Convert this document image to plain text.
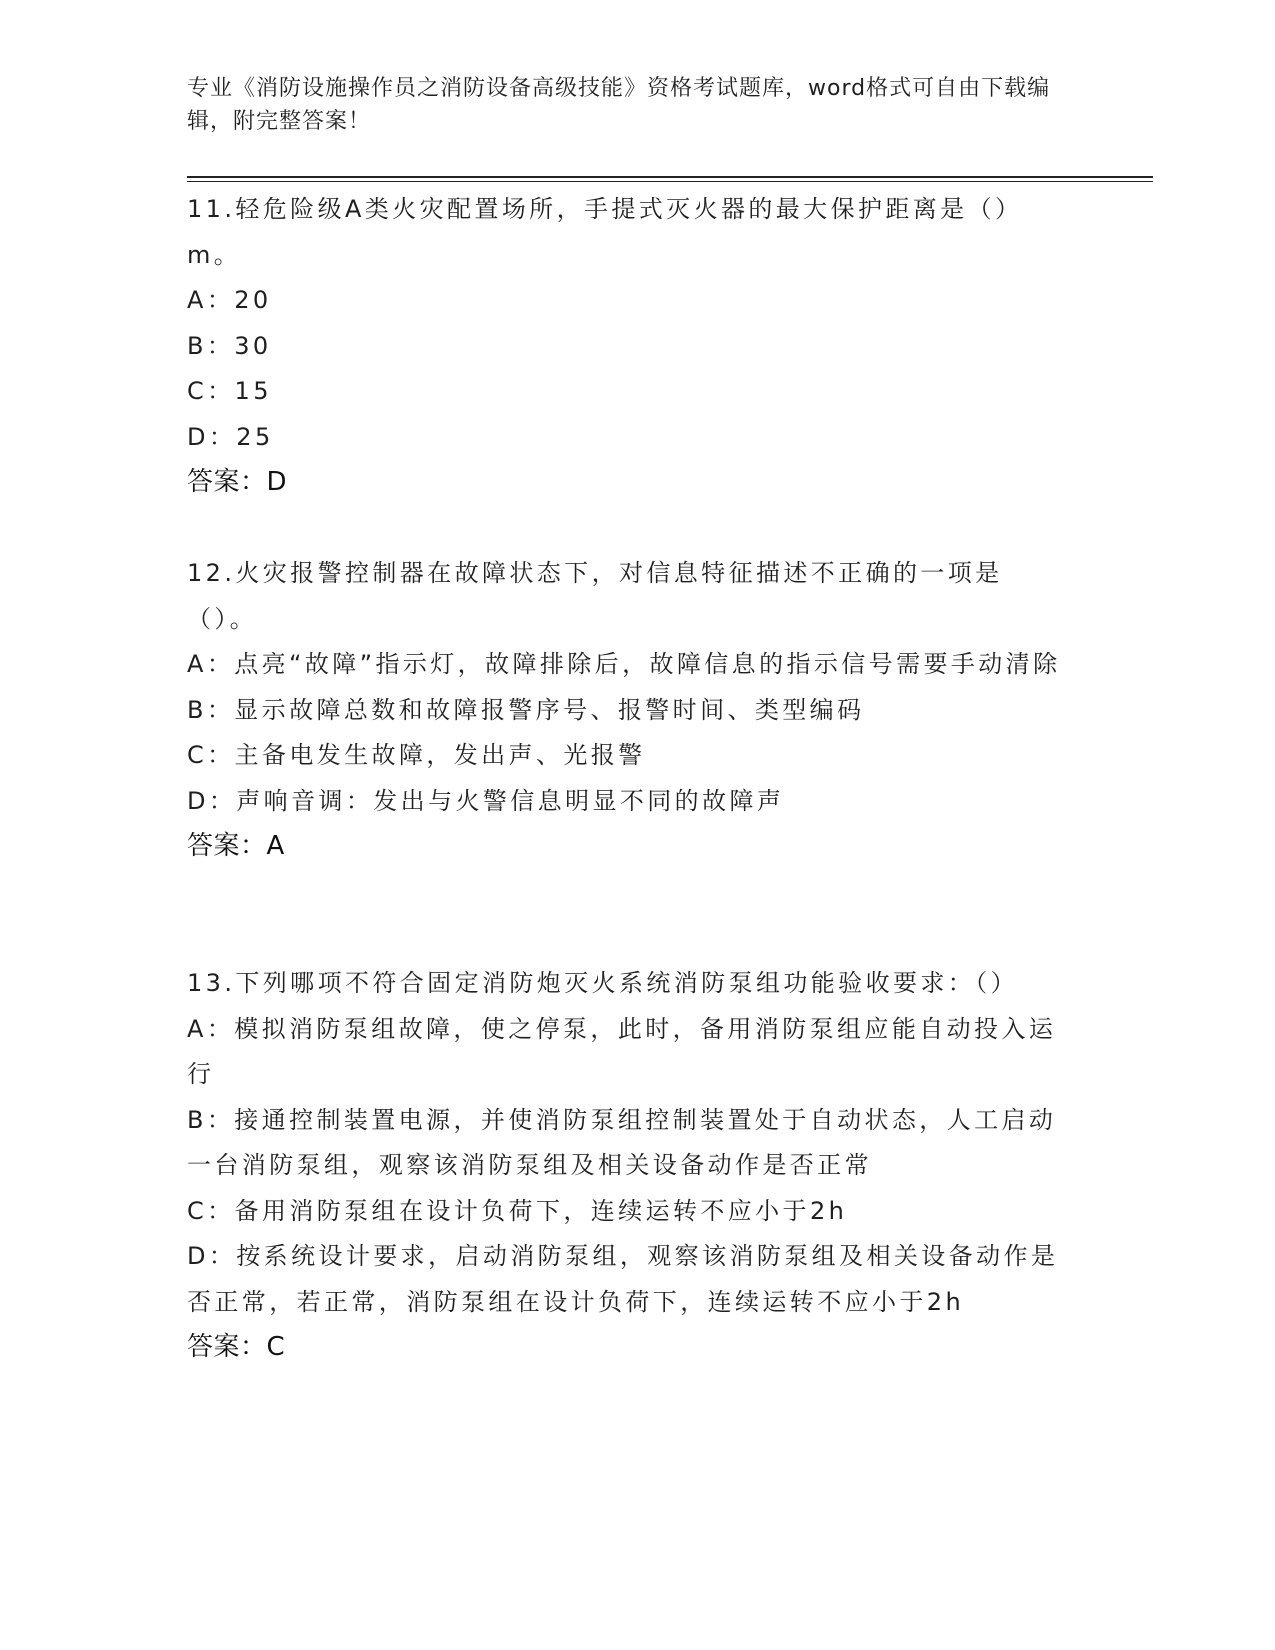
专业《消防设施操作员之消防设备高级技能》资格考试题库，word格式可自由下载编辑，附完整答案！

11.轻危险级A类火灾配置场所，手提式灭火器的最大保护距离是（）m。

A：20

B：30

C：15

D：25

答案：D

12.火灾报警控制器在故障状态下，对信息特征描述不正确的一项是（）。

A：点亮“故障”指示灯，故障排除后，故障信息的指示信号需要手动清除

B：显示故障总数和故障报警序号、报警时间、类型编码

C：主备电发生故障，发出声、光报警

D：声响音调：发出与火警信息明显不同的故障声

答案：A

13.下列哪项不符合固定消防炮灭火系统消防泵组功能验收要求：（）

A：模拟消防泵组故障，使之停泵，此时，备用消防泵组应能自动投入运行

B：接通控制装置电源，并使消防泵组控制装置处于自动状态，人工启动一台消防泵组，观察该消防泵组及相关设备动作是否正常

C：备用消防泵组在设计负荷下，连续运转不应小于2h

D：按系统设计要求，启动消防泵组，观察该消防泵组及相关设备动作是否正常，若正常，消防泵组在设计负荷下，连续运转不应小于2h

答案：C
